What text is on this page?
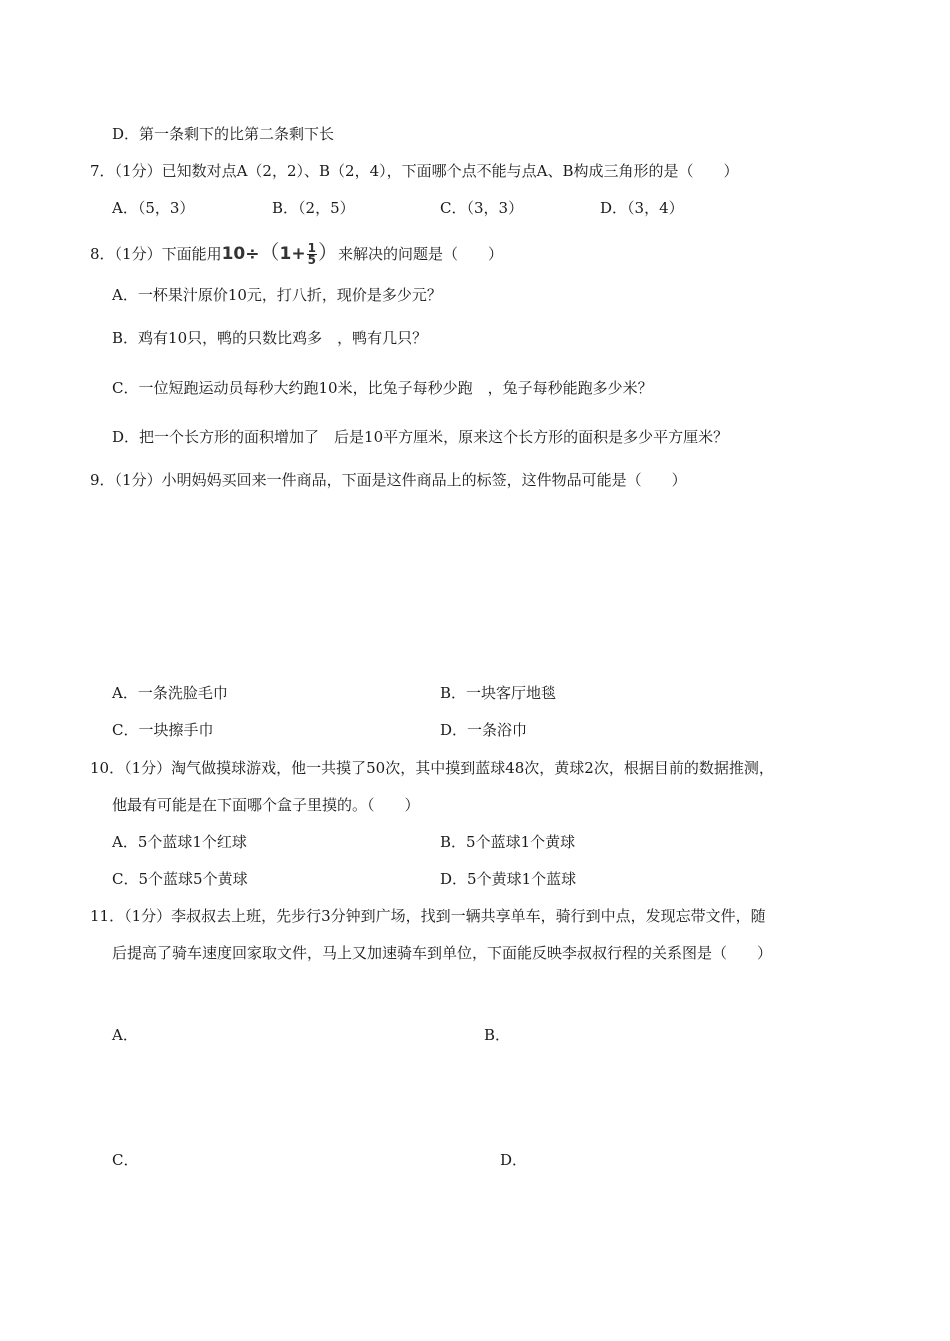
D．第一条剩下的比第二条剩下长
7．（1分）已知数对点A（2，2）、B（2，4），下面哪个点不能与点A、B构成三角形的是（　　）
A．（5，3）	B．（2，5）	C．（3，3）	D．（3，4）
8．（1分）下面能用$10\div(1+ \frac{1}{5}$ ）来解决的问题是（　　）
A．一杯果汁原价10元，打八折，现价是多少元？
B．鸡有10只，鸭的只数比鸡多　，鸭有几只？
C．一位短跑运动员每秒大约跑10米，比兔子每秒少跑　，兔子每秒能跑多少米？
D．把一个长方形的面积增加了　后是10平方厘米，原来这个长方形的面积是多少平方厘米？
9．（1分）小明妈妈买回来一件商品，下面是这件商品上的标签，这件物品可能是（　　）
A．一条洗脸毛巾	B．一块客厅地毯
C．一块擦手巾	D．一条浴巾
10．（1分）淘气做摸球游戏，他一共摸了50次，其中摸到蓝球48次，黄球2次，根据目前的数据推测，
他最有可能是在下面哪个盒子里摸的。（　　）
A．5个蓝球1个红球	B．5个蓝球1个黄球
C．5个蓝球5个黄球	D．5个黄球1个蓝球
11．（1分）李叔叔去上班，先步行3分钟到广场，找到一辆共享单车，骑行到中点，发现忘带文件，随
后提高了骑车速度回家取文件，马上又加速骑车到单位，下面能反映李叔叔行程的关系图是（　　）
A．	B．
C．	D．
